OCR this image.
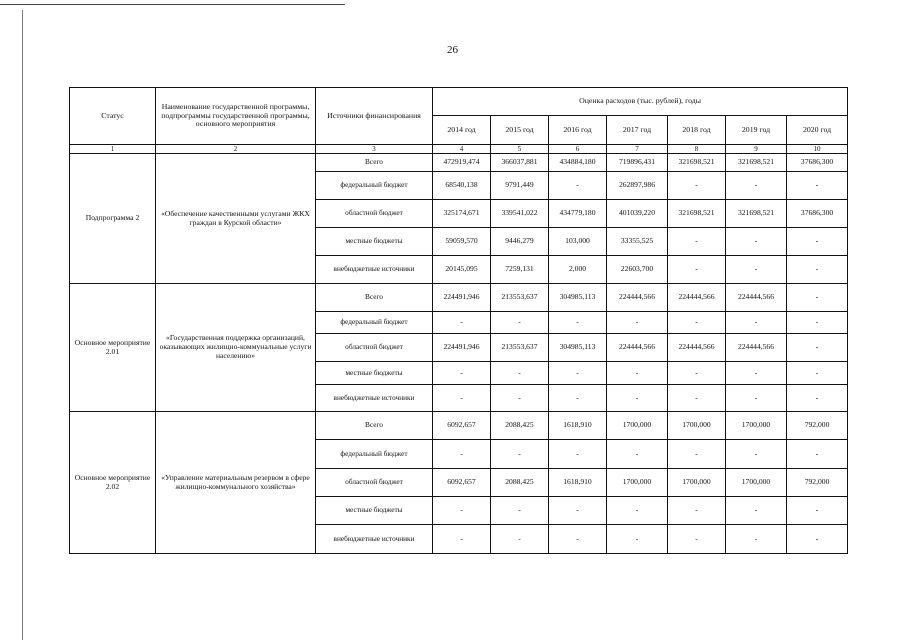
26
Статус	Наименование государственной программы, подпрограммы государственной программы, основного мероприятия	Источники финансирования	Оценка расходов (тыс. рублей), годы						
			2014 год	2015 год	2016 год	2017 год	2018 год	2019 год	2020 год
1	2	3	4	5	6	7	8	9	10
Подпрограмма 2	«Обеспечение качественными услугами ЖКХ граждан в Курской области»	Всего	472919,474	366037,881	434884,180	719896,431	321698,521	321698,521	37686,300
		федеральный бюджет	68540,138	9791,449	-	262897,986	-	-	-
		областной бюджет	325174,671	339541,022	434779,180	401039,220	321698,521	321698,521	37686,300
		местные бюджеты	59059,570	9446,279	103,000	33355,525	-	-	-
		внебюджетные источники	20145,095	7259,131	2,000	22603,700	-	-	-
Основное мероприятие 2.01	«Государственная поддержка организаций, оказывающих жилищно-коммунальные услуги населению»	Всего	224491,946	213553,637	304985,113	224444,566	224444,566	224444,566	-
		федеральный бюджет	-	-	-	-	-	-	-
		областной бюджет	224491,946	213553,637	304985,113	224444,566	224444,566	224444,566	-
		местные бюджеты	-	-	-	-	-	-	-
		внебюджетные источники	-	-	-	-	-	-	-
Основное мероприятие 2.02	«Управление материальным резервом в сфере жилищно-коммунального хозяйства»	Всего	6092,657	2088,425	1618,910	1700,000	1700,000	1700,000	792,000
		федеральный бюджет	-	-	-	-	-	-	-
		областной бюджет	6092,657	2088,425	1618,910	1700,000	1700,000	1700,000	792,000
		местные бюджеты	-	-	-	-	-	-	-
		внебюджетные источники	-	-	-	-	-	-	-
